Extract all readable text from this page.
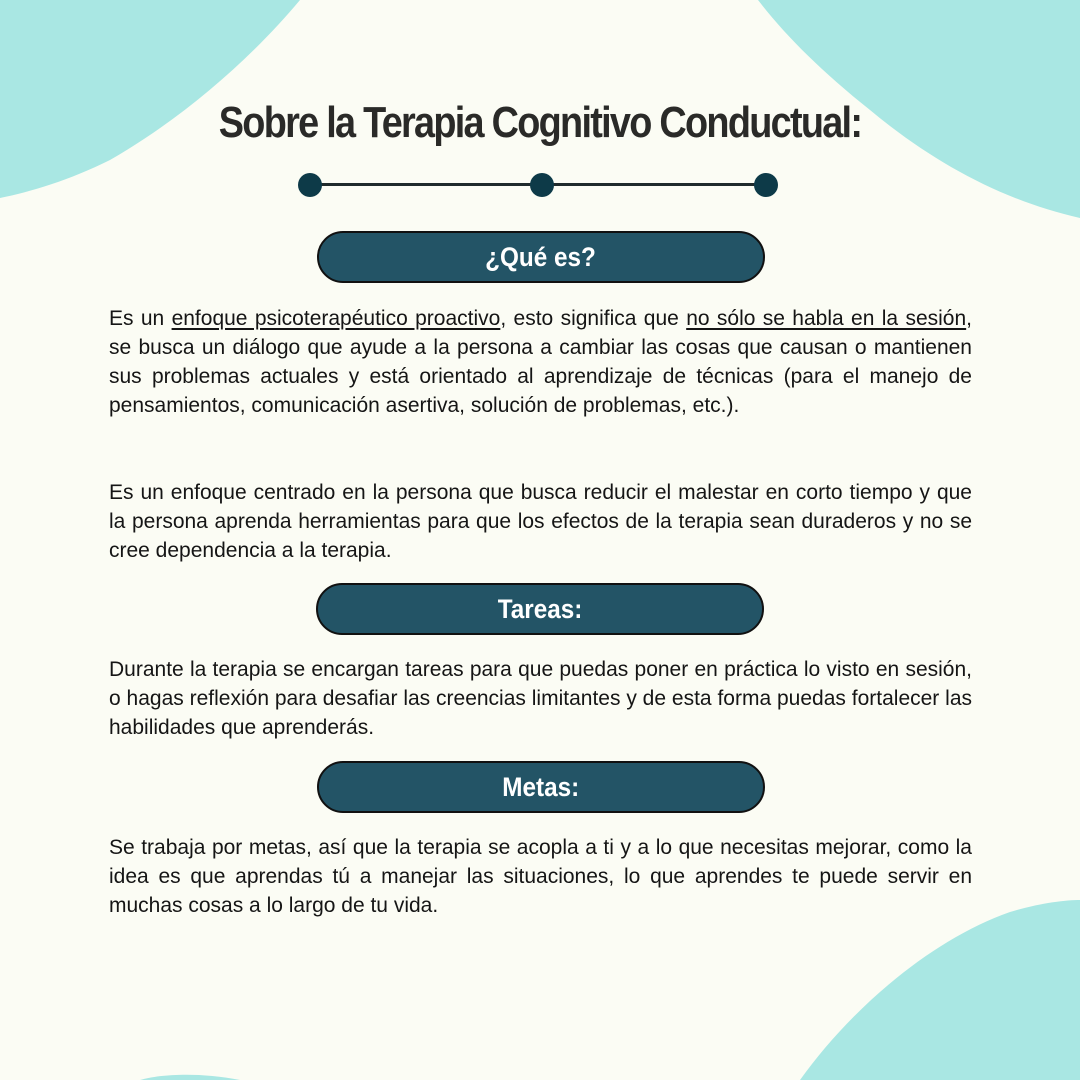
Sobre la Terapia Cognitivo Conductual:
¿Qué es?

Es un enfoque psicoterapéutico proactivo, esto significa que no sólo se habla en la sesión, se busca un diálogo que ayude a la persona a cambiar las cosas que causan o mantienen sus problemas actuales y está orientado al aprendizaje de técnicas (para el manejo de pensamientos, comunicación asertiva, solución de problemas, etc.).

Es un enfoque centrado en la persona que busca reducir el malestar en corto tiempo y que la persona aprenda herramientas para que los efectos de la terapia sean duraderos y no se cree dependencia a la terapia.

Tareas:

Durante la terapia se encargan tareas para que puedas poner en práctica lo visto en sesión, o hagas reflexión para desafiar las creencias limitantes y de esta forma puedas fortalecer las habilidades que aprenderás.

Metas:

Se trabaja por metas, así que la terapia se acopla a ti y a lo que necesitas mejorar, como la idea es que aprendas tú a manejar las situaciones, lo que aprendes te puede servir en muchas cosas a lo largo de tu vida.
